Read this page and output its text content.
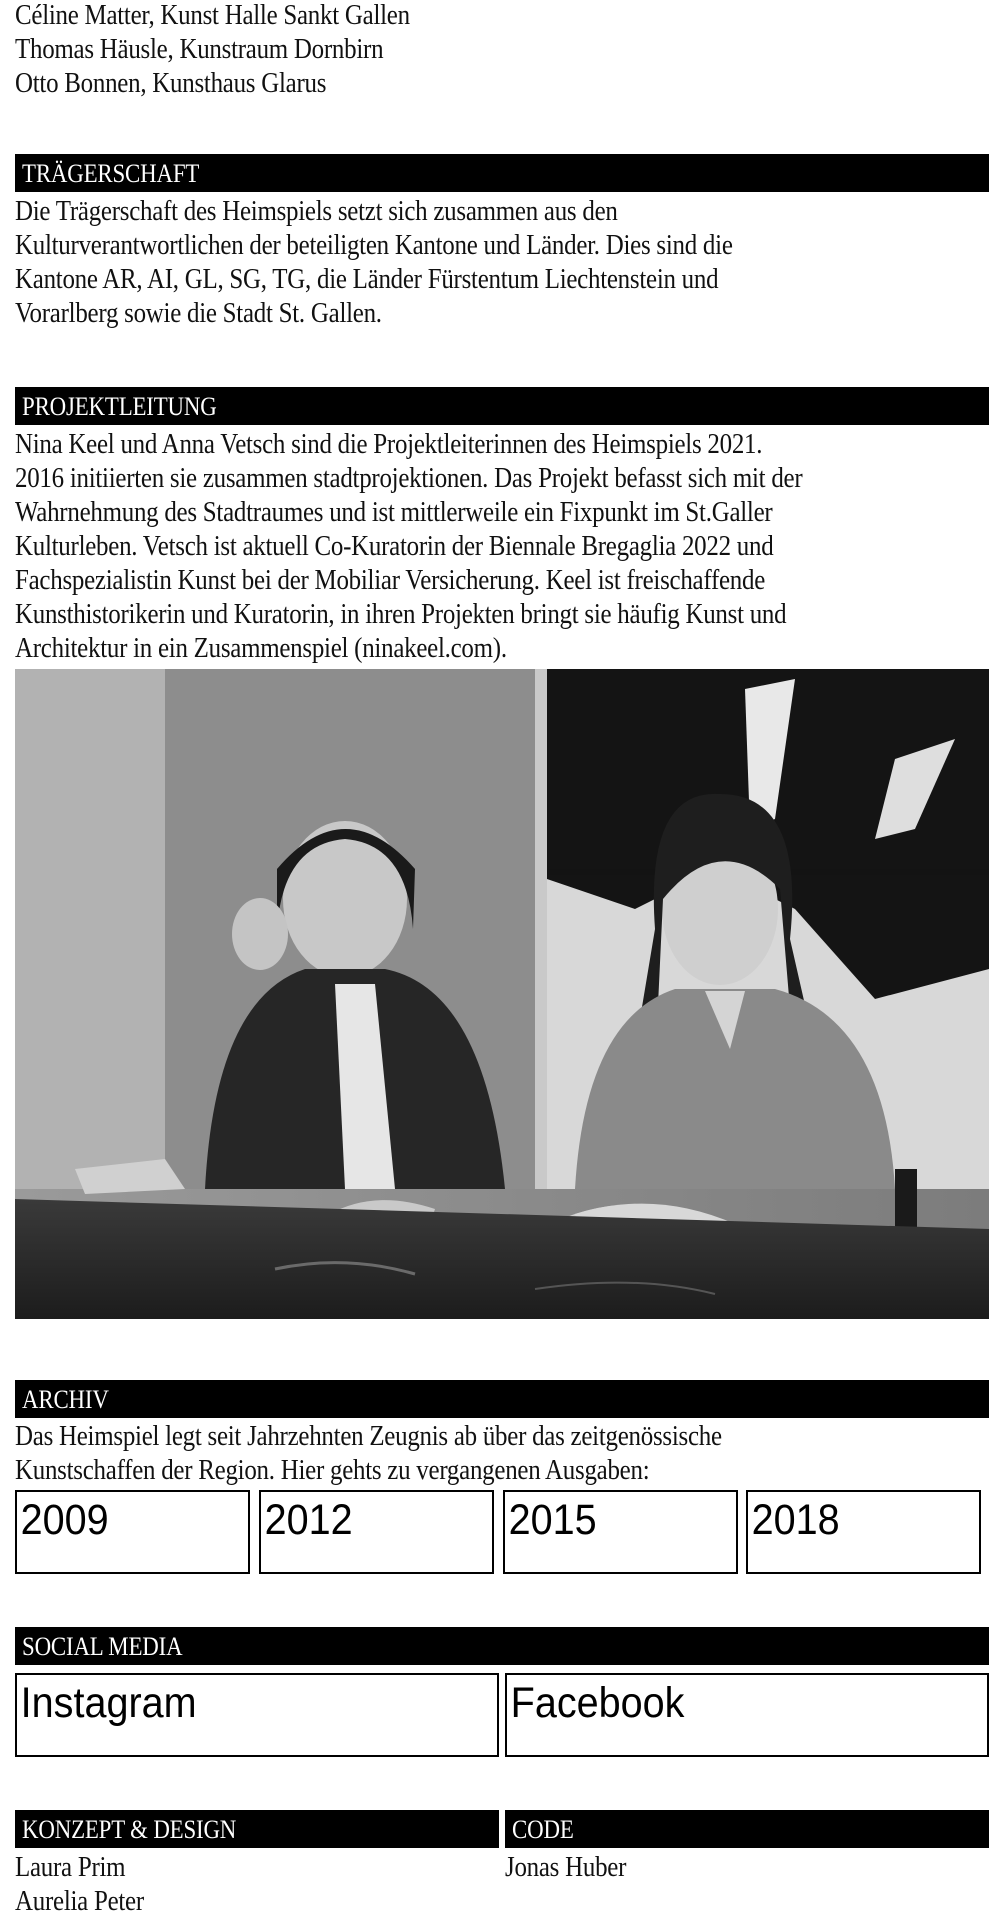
Céline Matter, Kunst Halle Sankt Gallen

Thomas Häusle, Kunstraum Dornbirn

Otto Bonnen, Kunsthaus Glarus

TRÄGERSCHAFT

Die Trägerschaft des Heimspiels setzt sich zusammen aus den

Kulturverantwortlichen der beteiligten Kantone und Länder. Dies sind die

Kantone AR, AI, GL, SG, TG, die Länder Fürstentum Liechtenstein und

Vorarlberg sowie die Stadt St. Gallen.

PROJEKTLEITUNG

Nina Keel und Anna Vetsch sind die Projektleiterinnen des Heimspiels 2021.

2016 initiierten sie zusammen stadtprojektionen. Das Projekt befasst sich mit der

Wahrnehmung des Stadtraumes und ist mittlerweile ein Fixpunkt im St.Galler

Kulturleben. Vetsch ist aktuell Co-Kuratorin der Biennale Bregaglia 2022 und

Fachspezialistin Kunst bei der Mobiliar Versicherung. Keel ist freischaffende

Kunsthistorikerin und Kuratorin, in ihren Projekten bringt sie häufig Kunst und

Architektur in ein Zusammenspiel (ninakeel.com).

ARCHIV

Das Heimspiel legt seit Jahrzehnten Zeugnis ab über das zeitgenössische

Kunstschaffen der Region. Hier gehts zu vergangenen Ausgaben:

2009	2012	2015	2018
SOCIAL MEDIA
Instagram	Facebook
KONZEPT & DESIGN	CODE

Laura Prim

Aurelia Peter

Jonas Huber
